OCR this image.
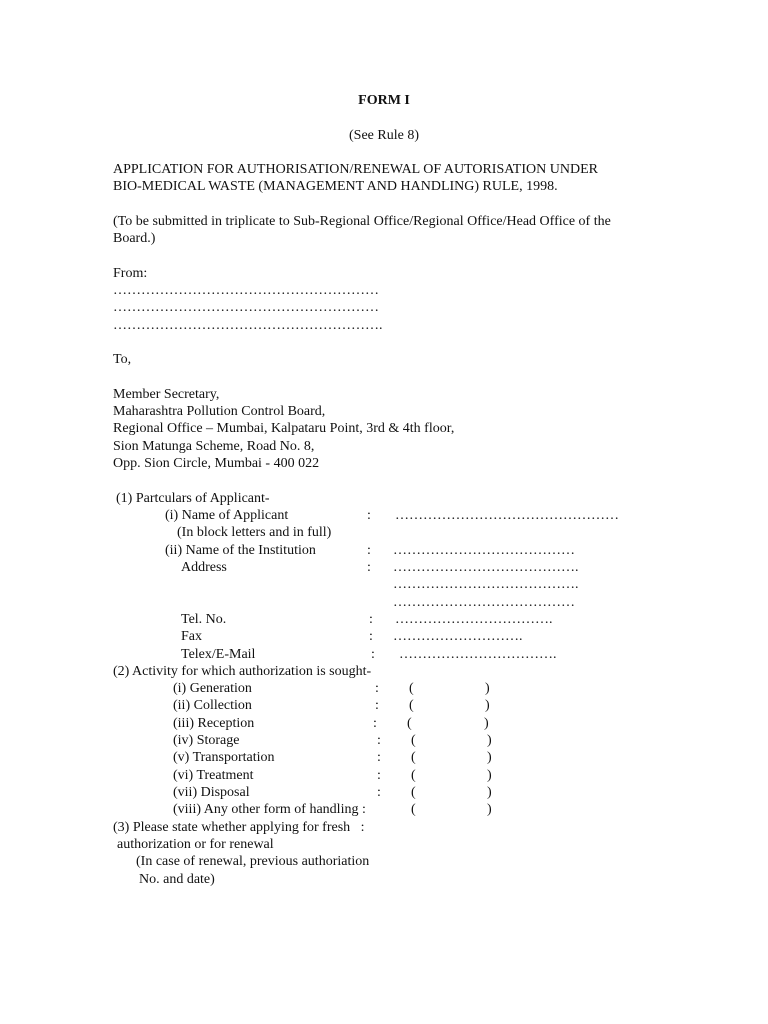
FORM I
(See Rule 8)
APPLICATION FOR AUTHORISATION/RENEWAL OF AUTORISATION UNDER
BIO-MEDICAL WASTE (MANAGEMENT AND HANDLING) RULE, 1998.
(To be submitted in triplicate to Sub-Regional Office/Regional Office/Head Office of the
Board.)
From:
…………………………………………………
…………………………………………………
………………………………………………….
To,
Member Secretary,
Maharashtra Pollution Control Board,
Regional Office – Mumbai, Kalpataru Point, 3rd & 4th floor,
Sion Matunga Scheme, Road No. 8,
Opp. Sion Circle, Mumbai - 400 022
(1) Partculars of Applicant-
(i) Name of Applicant	: …………………………………………
(In block letters and in full)
(ii) Name of the Institution	: …………………………………
Address	: ………………………………….
………………………………….
…………………………………
Tel. No.	: …………………………….
Fax	: ……………………….
Telex/E-Mail	: …………………………….
(2) Activity for which authorization is sought-
(i) Generation	: (	)
(ii) Collection	: (	)
(iii) Reception	: (	)
(iv) Storage	: (	)
(v) Transportation	: (	)
(vi) Treatment	: (	)
(vii) Disposal	: (	)
(viii) Any other form of handling :	(	)
(3) Please state whether applying for fresh   :
authorization or for renewal
(In case of renewal, previous authoriation
No. and date)
